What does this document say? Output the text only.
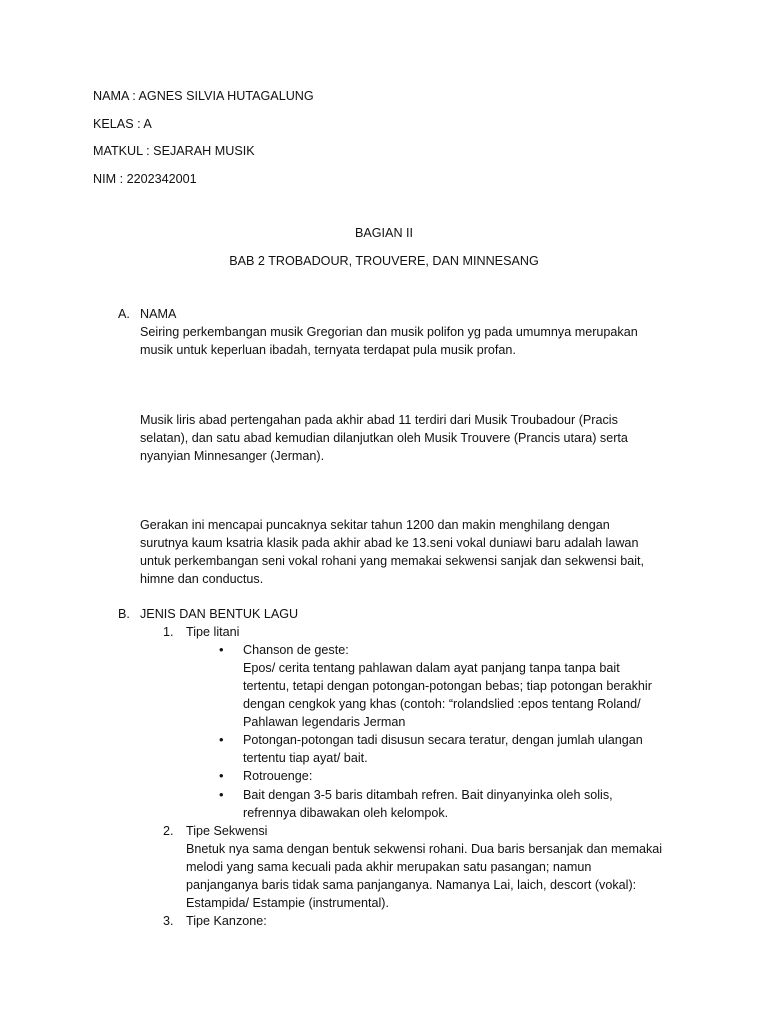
NAMA : AGNES SILVIA HUTAGALUNG
KELAS : A
MATKUL : SEJARAH MUSIK
NIM : 2202342001
BAGIAN II
BAB 2 TROBADOUR, TROUVERE, DAN MINNESANG
A. NAMA
Seiring perkembangan musik Gregorian dan musik polifon yg pada umumnya merupakan
musik untuk keperluan ibadah, ternyata terdapat pula musik profan.
Musik liris abad pertengahan pada akhir abad 11 terdiri dari Musik Troubadour (Pracis
selatan), dan satu abad kemudian dilanjutkan oleh Musik Trouvere (Prancis utara) serta
nyanyian Minnesanger (Jerman).
Gerakan ini mencapai puncaknya sekitar tahun 1200 dan makin menghilang dengan
surutnya kaum ksatria klasik pada akhir abad ke 13.seni vokal duniawi baru adalah lawan
untuk perkembangan seni vokal rohani yang memakai sekwensi sanjak dan sekwensi bait,
himne dan conductus.
B. JENIS DAN BENTUK LAGU
1. Tipe litani
• Chanson de geste:
Epos/ cerita tentang pahlawan dalam ayat panjang tanpa tanpa bait
tertentu, tetapi dengan potongan-potongan bebas; tiap potongan berakhir
dengan cengkok yang khas (contoh: “rolandslied :epos tentang Roland/
Pahlawan legendaris Jerman
• Potongan-potongan tadi disusun secara teratur, dengan jumlah ulangan
tertentu tiap ayat/ bait.
• Rotrouenge:
• Bait dengan 3-5 baris ditambah refren. Bait dinyanyinka oleh solis,
refrennya dibawakan oleh kelompok.
2. Tipe Sekwensi
Bnetuk nya sama dengan bentuk sekwensi rohani. Dua baris bersanjak dan memakai
melodi yang sama kecuali pada akhir merupakan satu pasangan; namun
panjanganya baris tidak sama panjanganya. Namanya Lai, laich, descort (vokal):
Estampida/ Estampie (instrumental).
3. Tipe Kanzone:
